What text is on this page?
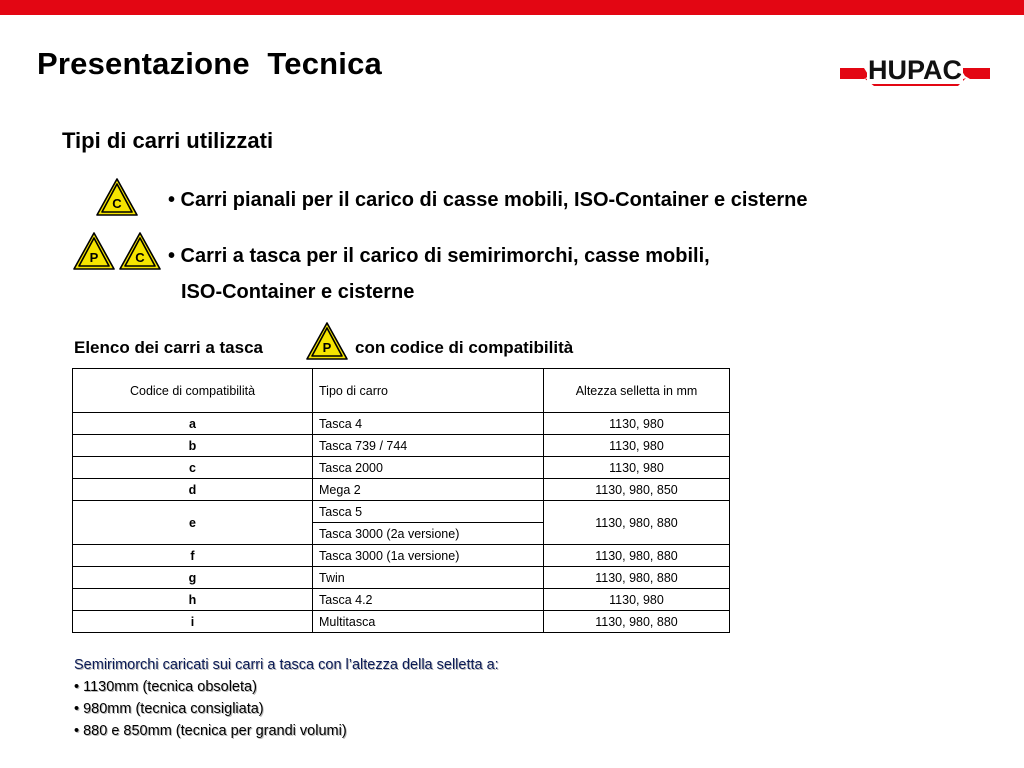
Presentazione  Tecnica	HUPAC
Tipi di carri utilizzati
C
P	C
• Carri pianali per il carico di casse mobili, ISO-Container e cisterne
• Carri a tasca per il carico di semirimorchi, casse mobili,
ISO-Container e cisterne
Elenco dei carri a tasca	P con codice di compatibilità
Codice di compatibilità	Tipo di carro	Altezza selletta in mm
a	Tasca 4	1130, 980
b	Tasca 739 / 744	1130, 980
c	Tasca 2000	1130, 980
d	Mega 2	1130, 980, 850
e	Tasca 5	1130, 980, 880
	Tasca 3000 (2a versione)	
f	Tasca 3000 (1a versione)	1130, 980, 880
g	Twin	1130, 980, 880
h	Tasca 4.2	1130, 980
i	Multitasca	1130, 980, 880
Semirimorchi caricati sui carri a tasca con l’altezza della selletta a:
• 1130mm (tecnica obsoleta)
• 980mm (tecnica consigliata)
• 880 e 850mm (tecnica per grandi volumi)
